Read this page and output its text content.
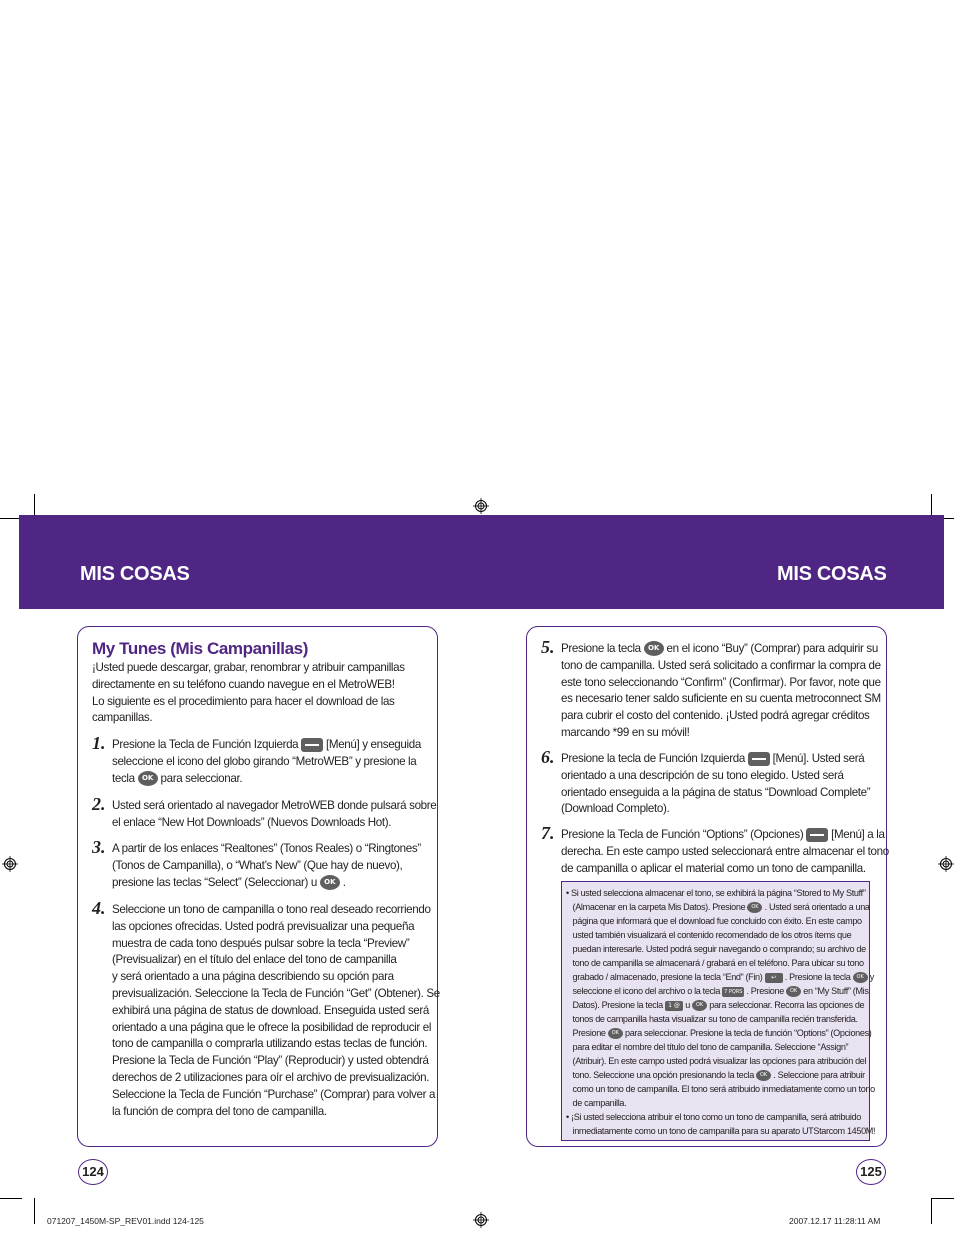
MIS COSAS	MIS COSAS
My Tunes (Mis Campanillas)
¡Usted puede descargar, grabar, renombrar y atribuir campanillas
directamente en su teléfono cuando navegue en el MetroWEB!
Lo siguiente es el procedimiento para hacer el download de las
campanillas.
1. Presione la Tecla de Función Izquierda  [Menú] y enseguida
seleccione el icono del globo girando “MetroWEB” y presione la
tecla OK para seleccionar.
2. Usted será orientado al navegador MetroWEB donde pulsará sobre
el enlace “New Hot Downloads” (Nuevos Downloads Hot).
3. A partir de los enlaces “Realtones” (Tonos Reales) o “Ringtones”
(Tonos de Campanilla), o “What’s New” (Que hay de nuevo),
presione las teclas “Select” (Seleccionar) u OK .
4. Seleccione un tono de campanilla o tono real deseado recorriendo
las opciones ofrecidas. Usted podrá previsualizar una pequeña
muestra de cada tono después pulsar sobre la tecla “Preview”
(Previsualizar) en el título del enlace del tono de campanilla
y será orientado a una página describiendo su opción para
previsualización. Seleccione la Tecla de Función “Get” (Obtener). Se
exhibirá una página de status de download. Enseguida usted será
orientado a una página que le ofrece la posibilidad de reproducir el
tono de campanilla o comprarla utilizando estas teclas de función.
Presione la Tecla de Función “Play” (Reproducir) y usted obtendrá
derechos de 2 utilizaciones para oír el archivo de previsualización.
Seleccione la Tecla de Función “Purchase” (Comprar) para volver a
la función de compra del tono de campanilla.
5. Presione la tecla OK en el icono “Buy” (Comprar) para adquirir su
tono de campanilla. Usted será solicitado a confirmar la compra de
este tono seleccionando “Confirm” (Confirmar). Por favor, note que
es necesario tener saldo suficiente en su cuenta metroconnect SM
para cubrir el costo del contenido. ¡Usted podrá agregar créditos
marcando *99 en su móvil!
6. Presione la tecla de Función Izquierda  [Menú]. Usted será
orientado a una descripción de su tono elegido. Usted será
orientado enseguida a la página de status “Download Complete”
(Download Completo).
7. Presione la Tecla de Función “Options” (Opciones)  [Menú] a la
derecha. En este campo usted seleccionará entre almacenar el tono
de campanilla o aplicar el material como un tono de campanilla.
• Si usted selecciona almacenar el tono, se exhibirá la página “Stored to My Stuff”
(Almacenar en la carpeta Mis Datos). Presione OK . Usted será orientado a una
página que informará que el download fue concluido con éxito. En este campo
usted también visualizará el contenido recomendado de los otros ítems que
puedan interesarle. Usted podrá seguir navegando o comprando; su archivo de
tono de campanilla se almacenará / grabará en el teléfono. Para ubicar su tono
grabado / almacenado, presione la tecla “End” (Fin) ↩ . Presione la tecla OK y
seleccione el icono del archivo o la tecla 7 PQRS . Presione OK en “My Stuff” (Mis
Datos). Presione la tecla 1 @ u OK para seleccionar. Recorra las opciones de
tonos de campanilla hasta visualizar su tono de campanilla recién transferida.
Presione OK para seleccionar. Presione la tecla de función “Options” (Opciones)
para editar el nombre del título del tono de campanilla. Seleccione “Assign”
(Atribuir). En este campo usted podrá visualizar las opciones para atribución del
tono. Seleccione una opción presionando la tecla OK . Seleccione para atribuir
como un tono de campanilla. El tono será atribuido inmediatamente como un tono
de campanilla.
• ¡Si usted selecciona atribuir el tono como un tono de campanilla, será atribuido
inmediatamente como un tono de campanilla para su aparato UTStarcom 1450M!
124	125
071207_1450M-SP_REV01.indd 124-125	2007.12.17 11:28:11 AM
